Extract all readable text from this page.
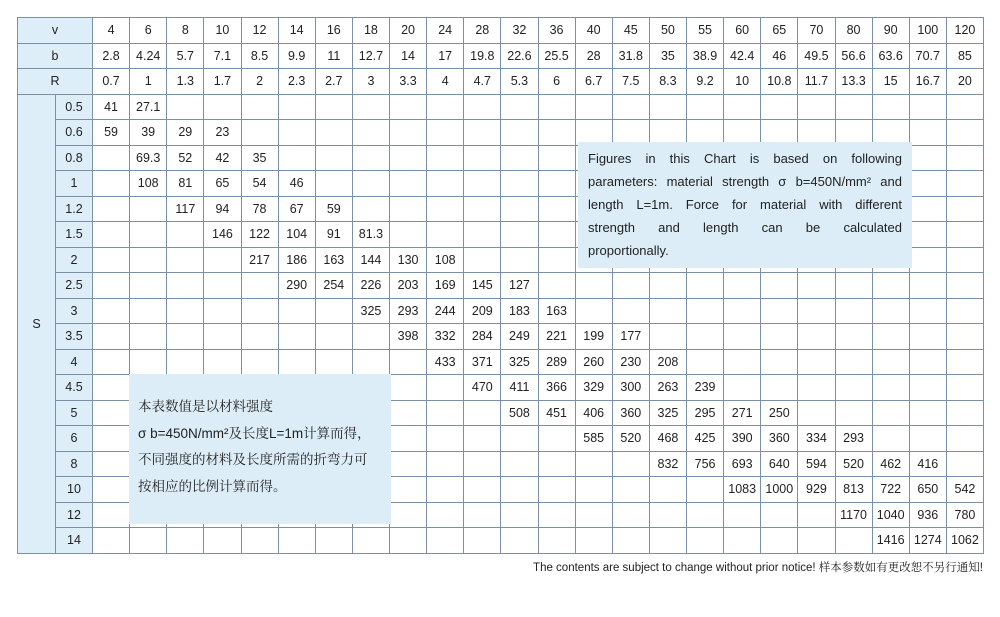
v		4	6	8	10	12	14	16	18	20	24	28	32	36	40	45	50	55	60	65	70	80	90	100	120
b		2.8	4.24	5.7	7.1	8.5	9.9	11	12.7	14	17	19.8	22.6	25.5	28	31.8	35	38.9	42.4	46	49.5	56.6	63.6	70.7	85
R		0.7	1	1.3	1.7	2	2.3	2.7	3	3.3	4	4.7	5.3	6	6.7	7.5	8.3	9.2	10	10.8	11.7	13.3	15	16.7	20
S	0.5	41	27.1																						
	0.6	59	39	29	23																				
	0.8		69.3	52	42	35																			
	1		108	81	65	54	46																		
	1.2			117	94	78	67	59																	
	1.5				146	122	104	91	81.3																
	2					217	186	163	144	130	108														
	2.5						290	254	226	203	169	145	127												
	3								325	293	244	209	183	163											
	3.5									398	332	284	249	221	199	177									
	4										433	371	325	289	260	230	208								
	4.5											470	411	366	329	300	263	239							
	5												508	451	406	360	325	295	271	250					
	6														585	520	468	425	390	360	334	293			
	8																832	756	693	640	594	520	462	416	
	10																		1083	1000	929	813	722	650	542
	12																					1170	1040	936	780
	14																						1416	1274	1062
Figures in this Chart is based on following
parameters: material strength σ b=450N/mm² and
length L=1m. Force for material with different
strength and length can be calculated
proportionally.
本表数值是以材料强度
σ b=450N/mm²及长度L=1m计算而得，
不同强度的材料及长度所需的折弯力可
按相应的比例计算而得。
The contents are subject to change without prior notice! 样本参数如有更改恕不另行通知!
